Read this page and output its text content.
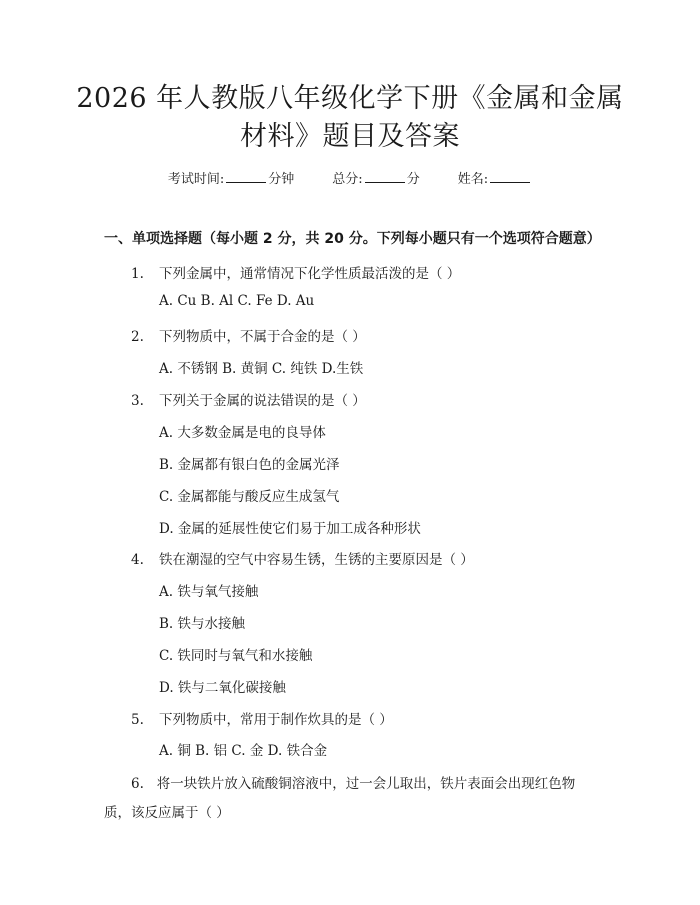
2026 年人教版八年级化学下册《金属和金属
材料》题目及答案
考试时间:	分钟	总分:	分	姓名:
一、单项选择题（每小题 2 分，共 20 分。下列每小题只有一个选项符合题意）
1. 下列金属中，通常情况下化学性质最活泼的是（ ）
A. Cu B. Al C. Fe D. Au
2. 下列物质中，不属于合金的是（ ）
A. 不锈钢 B. 黄铜 C. 纯铁 D.生铁
3. 下列关于金属的说法错误的是（ ）
A. 大多数金属是电的良导体
B. 金属都有银白色的金属光泽
C. 金属都能与酸反应生成氢气
D. 金属的延展性使它们易于加工成各种形状
4. 铁在潮湿的空气中容易生锈，生锈的主要原因是（ ）
A. 铁与氧气接触
B. 铁与水接触
C. 铁同时与氧气和水接触
D. 铁与二氧化碳接触
5. 下列物质中，常用于制作炊具的是（ ）
A. 铜 B. 铝 C. 金 D. 铁合金
6. 将一块铁片放入硫酸铜溶液中，过一会儿取出，铁片表面会出现红色物质，该反应属于（ ）
